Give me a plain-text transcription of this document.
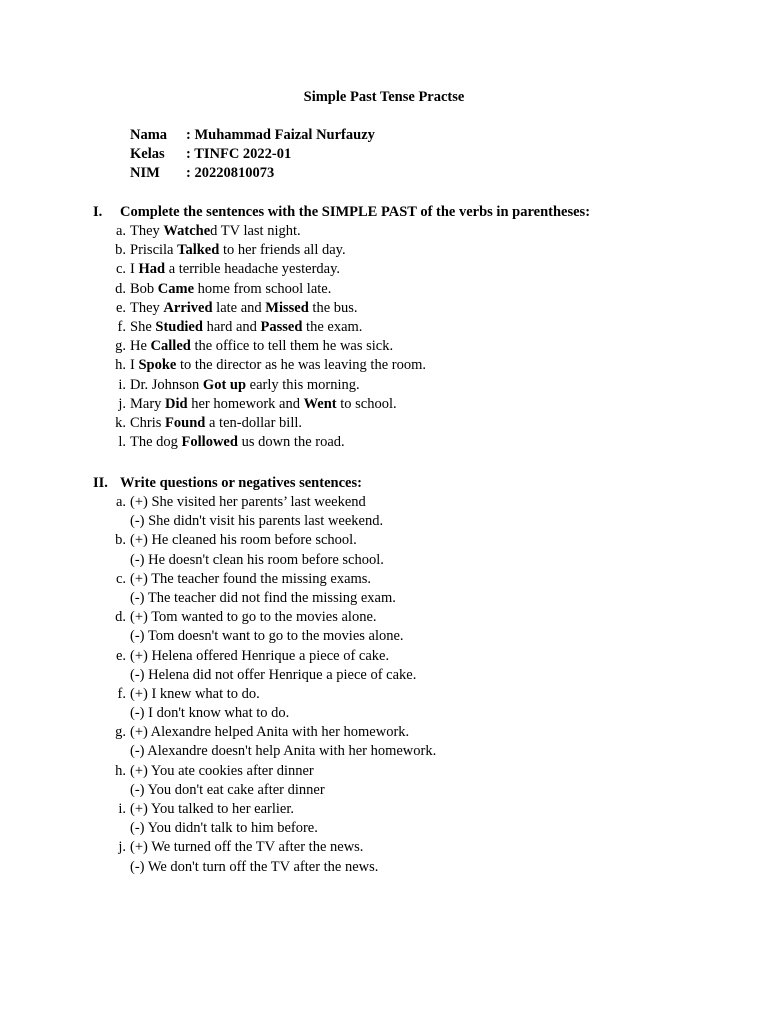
Simple Past Tense Practse
Nama : Muhammad Faizal Nurfauzy
Kelas : TINFC 2022-01
NIM : 20220810073
I. Complete the sentences with the SIMPLE PAST of the verbs in parentheses:
a. They Watched TV last night.
b. Priscila Talked to her friends all day.
c. I Had a terrible headache yesterday.
d. Bob Came home from school late.
e. They Arrived late and Missed the bus.
f. She Studied hard and Passed the exam.
g. He Called the office to tell them he was sick.
h. I Spoke to the director as he was leaving the room.
i. Dr. Johnson Got up early this morning.
j. Mary Did her homework and Went to school.
k. Chris Found a ten-dollar bill.
l. The dog Followed us down the road.
II. Write questions or negatives sentences:
a. (+) She visited her parents’ last weekend
(-) She didn't visit his parents last weekend.
b. (+) He cleaned his room before school.
(-) He doesn't clean his room before school.
c. (+) The teacher found the missing exams.
(-) The teacher did not find the missing exam.
d. (+) Tom wanted to go to the movies alone.
(-) Tom doesn't want to go to the movies alone.
e. (+) Helena offered Henrique a piece of cake.
(-) Helena did not offer Henrique a piece of cake.
f. (+) I knew what to do.
(-) I don't know what to do.
g. (+) Alexandre helped Anita with her homework.
(-) Alexandre doesn't help Anita with her homework.
h. (+) You ate cookies after dinner
(-) You don't eat cake after dinner
i. (+) You talked to her earlier.
(-) You didn't talk to him before.
j. (+) We turned off the TV after the news.
(-) We don't turn off the TV after the news.
